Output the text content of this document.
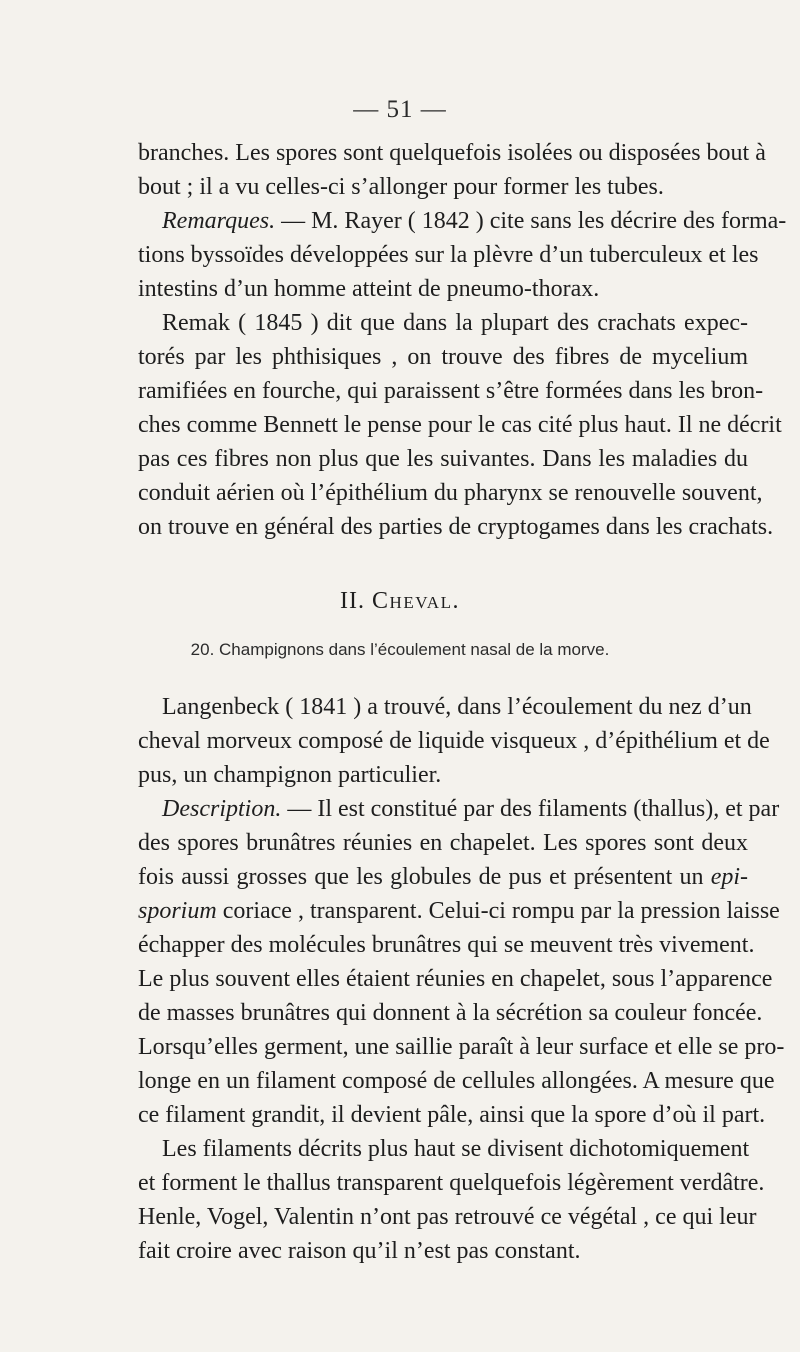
— 51 —
branches. Les spores sont quelquefois isolées ou disposées bout à
bout ; il a vu celles-ci s’allonger pour former les tubes.
Remarques. — M. Rayer ( 1842 ) cite sans les décrire des forma-
tions byssoïdes développées sur la plèvre d’un tuberculeux et les
intestins d’un homme atteint de pneumo-thorax.
Remak ( 1845 ) dit que dans la plupart des crachats expec-
torés par les phthisiques , on trouve des fibres de mycelium
ramifiées en fourche, qui paraissent s’être formées dans les bron-
ches comme Bennett le pense pour le cas cité plus haut. Il ne décrit
pas ces fibres non plus que les suivantes. Dans les maladies du
conduit aérien où l’épithélium du pharynx se renouvelle souvent,
on trouve en général des parties de cryptogames dans les crachats.
II. Cheval.
20. Champignons dans l’écoulement nasal de la morve.
Langenbeck ( 1841 ) a trouvé, dans l’écoulement du nez d’un
cheval morveux composé de liquide visqueux , d’épithélium et de
pus, un champignon particulier.
Description. — Il est constitué par des filaments (thallus), et par
des spores brunâtres réunies en chapelet. Les spores sont deux
fois aussi grosses que les globules de pus et présentent un epi-
sporium coriace , transparent. Celui-ci rompu par la pression laisse
échapper des molécules brunâtres qui se meuvent très vivement.
Le plus souvent elles étaient réunies en chapelet, sous l’apparence
de masses brunâtres qui donnent à la sécrétion sa couleur foncée.
Lorsqu’elles germent, une saillie paraît à leur surface et elle se pro-
longe en un filament composé de cellules allongées. A mesure que
ce filament grandit, il devient pâle, ainsi que la spore d’où il part.
Les filaments décrits plus haut se divisent dichotomiquement
et forment le thallus transparent quelquefois légèrement verdâtre.
Henle, Vogel, Valentin n’ont pas retrouvé ce végétal , ce qui leur
fait croire avec raison qu’il n’est pas constant.
